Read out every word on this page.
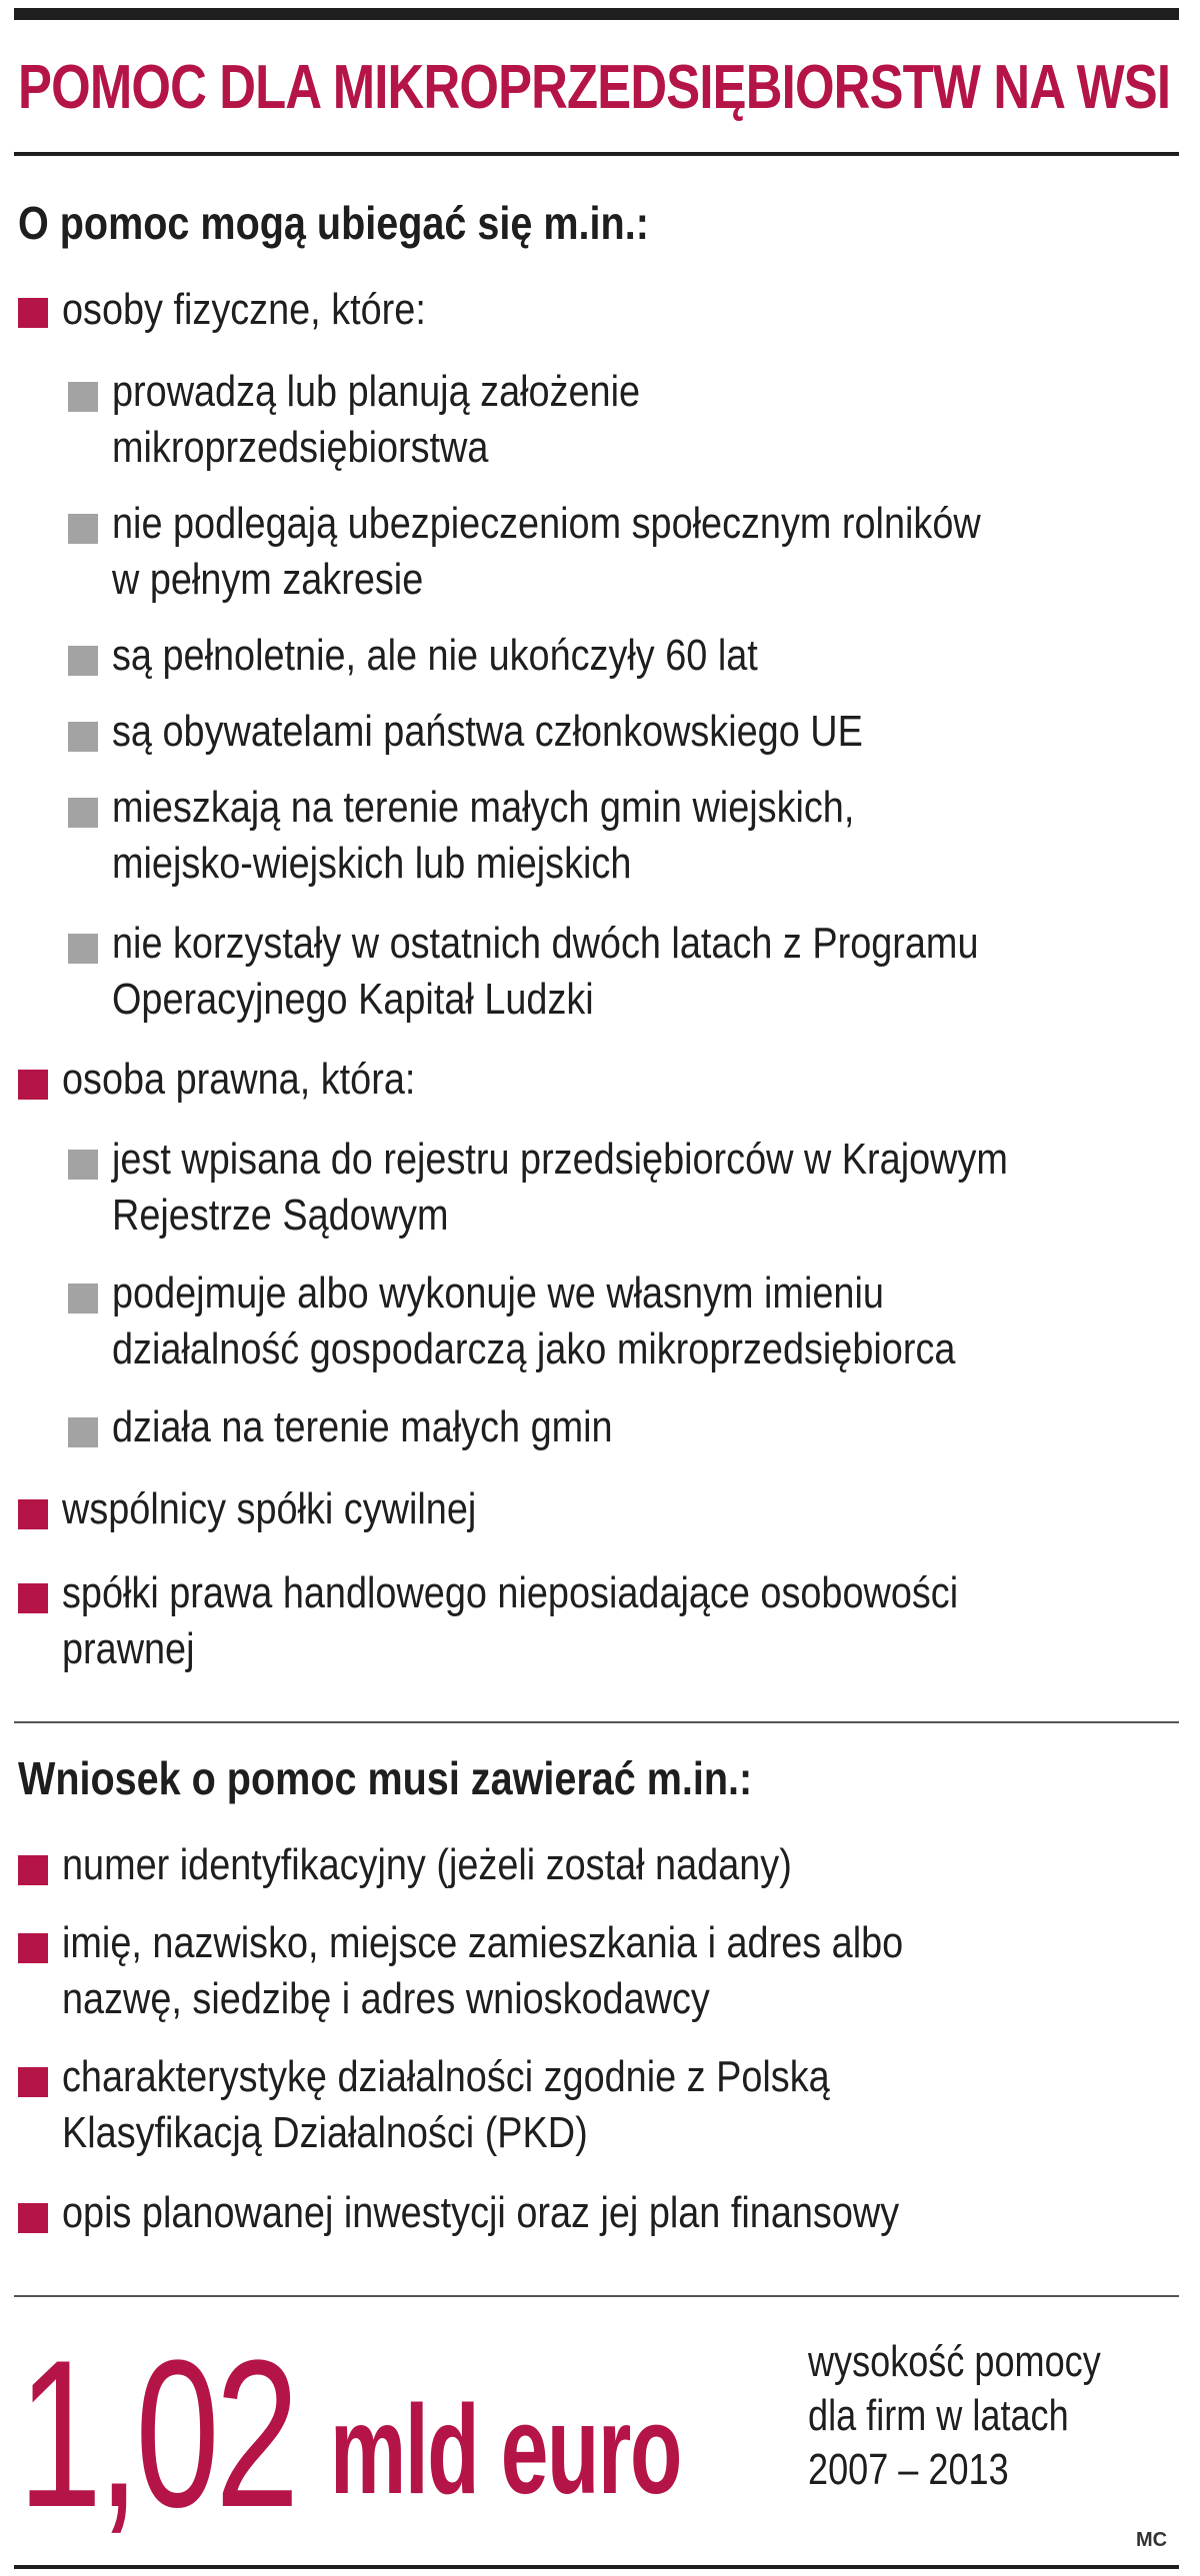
POMOC DLA MIKROPRZEDSIĘBIORSTW NA WSI
O pomoc mogą ubiegać się m.in.:
osoby fizyczne, które:
prowadzą lub planują założenie
mikroprzedsiębiorstwa
nie podlegają ubezpieczeniom społecznym rolników
w pełnym zakresie
są pełnoletnie, ale nie ukończyły 60 lat
są obywatelami państwa członkowskiego UE
mieszkają na terenie małych gmin wiejskich,
miejsko-wiejskich lub miejskich
nie korzystały w ostatnich dwóch latach z Programu
Operacyjnego Kapitał Ludzki
osoba prawna, która:
jest wpisana do rejestru przedsiębiorców w Krajowym
Rejestrze Sądowym
podejmuje albo wykonuje we własnym imieniu
działalność gospodarczą jako mikroprzedsiębiorca
działa na terenie małych gmin
wspólnicy spółki cywilnej
spółki prawa handlowego nieposiadające osobowości
prawnej
Wniosek o pomoc musi zawierać m.in.:
numer identyfikacyjny (jeżeli został nadany)
imię, nazwisko, miejsce zamieszkania i adres albo
nazwę, siedzibę i adres wnioskodawcy
charakterystykę działalności zgodnie z Polską
Klasyfikacją Działalności (PKD)
opis planowanej inwestycji oraz jej plan finansowy
1,02 mld euro
wysokość pomocy
dla firm w latach
2007 – 2013
MC
